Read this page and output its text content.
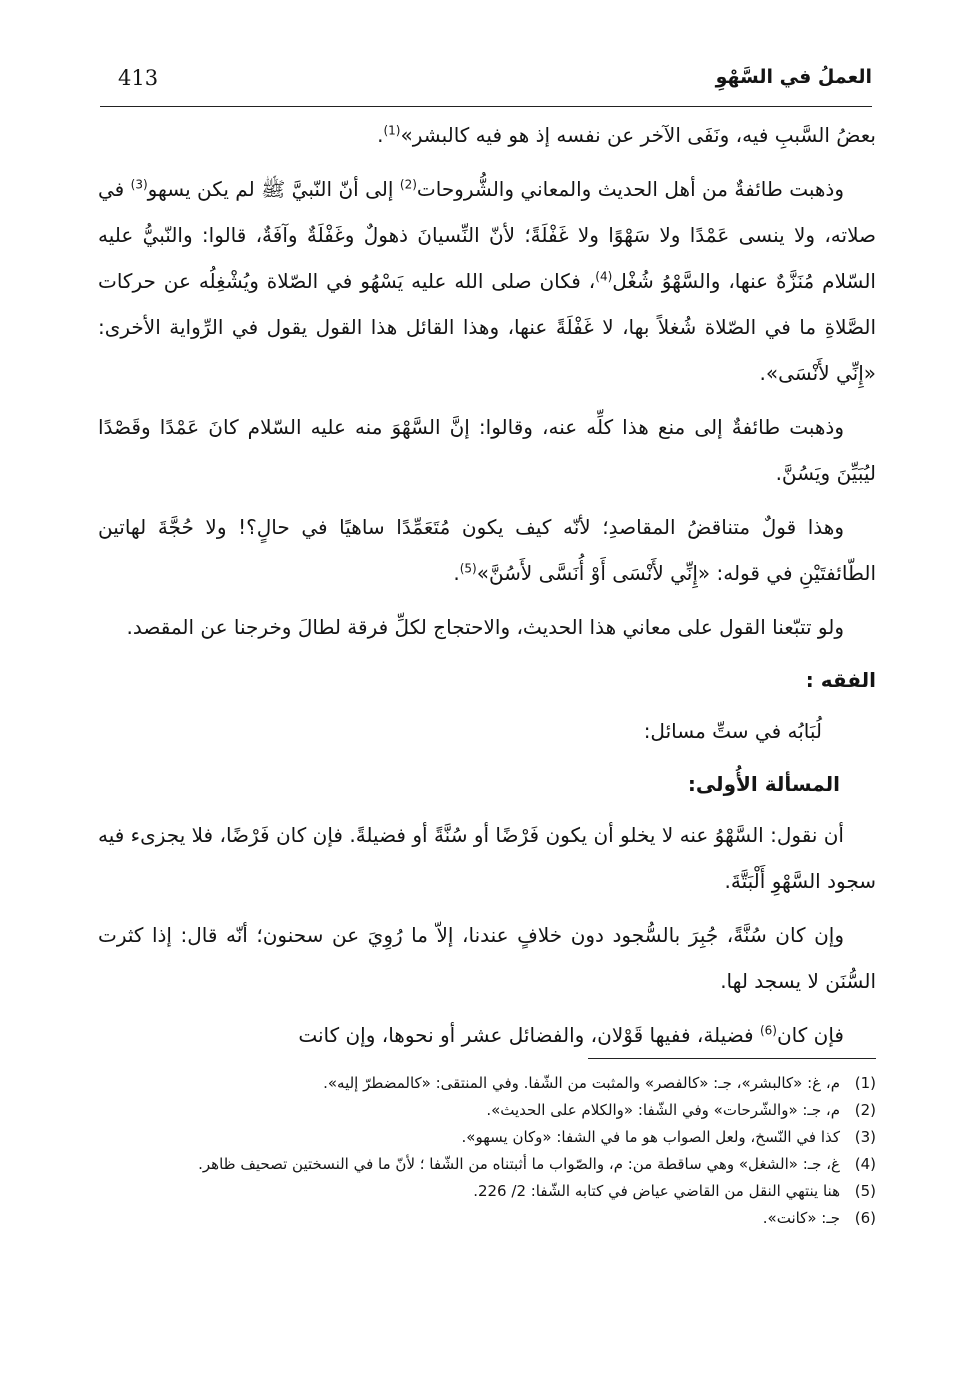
413	العملُ في السَّهْوِ

بعضُ السَّببِ فيه، ونَفَى الآخر عن نفسه إذ هو فيه كالبشر»$^{(1)}$.

وذهبت طائفةٌ من أهل الحديث والمعاني والشُّروحات$^{(2)}$ إلى أنّ النّبيَّ ﷺ لم يكن يسهو$^{(3)}$ في صلاته، ولا ينسى عَمْدًا ولا سَهْوًا ولا غَفْلَةً؛ لأنّ النِّسيانَ ذهولٌ وغَفْلَةٌ وآفَةٌ، قالوا: والنّبيُّ عليه السّلام مُنَزَّهٌ عنها، والسَّهْوُ شُغْل$^{(4)}$، فكان صلى الله عليه يَسْهُو في الصّلاة ويُشْغِلُه عن حركات الصَّلاةِ ما في الصّلاة شُغلاً بها، لا غَفْلَةً عنها، وهذا القائل هذا القول يقول في الرِّواية الأخرى: «إِنِّي لأَنْسَى».

وذهبت طائفةٌ إلى منع هذا كلِّه عنه، وقالوا: إنَّ السَّهْوَ منه عليه السّلام كانَ عَمْدًا وقَصْدًا ليُبَيِّنَ ويَسُنَّ.

وهذا قولٌ متناقضُ المقاصدِ؛ لأنّه كيف يكون مُتَعَمِّدًا ساهيًا في حالٍ؟! ولا حُجَّةَ لهاتين الطّائفتَيْنِ في قوله: «إِنِّي لأَنْسَى أَوْ أُنَسَّى لأَسُنَّ»$^{(5)}$.

ولو تتبّعنا القول على معاني هذا الحديث، والاحتجاج لكلِّ فرقة لطالَ وخرجنا عن المقصد.

الفقه :

لُبَابُه في ستِّ مسائل:

المسألة الأُولى:

أن نقول: السَّهْوُ عنه لا يخلو أن يكون فَرْضًا أو سُنَّةً أو فضيلةً. فإن كان فَرْضًا، فلا يجزىء فيه سجود السَّهْوِ أَلْبَتَّةَ.

وإن كان سُنَّةً، جُبِرَ بالسُّجود دون خلافٍ عندنا، إلاّ ما رُوِيَ عن سحنون؛ أنّه قال: إذا كثرت السُّنَن لا يسجد لها.

فإن كان$^{(6)}$ فضيلة، ففيها قَوْلان، والفضائل عشر أو نحوها، وإن كانت

(1)
م، غ: «كالبشر»، جـ: «كالفصر» والمثبت من الشّفا. وفي المنتقى: «كالمضطرّ إليه».
(2)
م، جـ: «والشّرحات» وفي الشّفا: «والكلام على الحديث».
(3)
كذا في النّسخ، ولعل الصواب هو ما في الشفا: «وكان يسهو».
(4)
غ، جـ: «الشغل» وهي ساقطة من: م، والصّواب ما أثبتناه من الشّفا ؛ لأنّ ما في النسختين تصحيف ظاهر.
(5)
هنا ينتهي النقل من القاضي عياض في كتابه الشّفا: 2/ 226.
(6)
جـ: «كانت».
